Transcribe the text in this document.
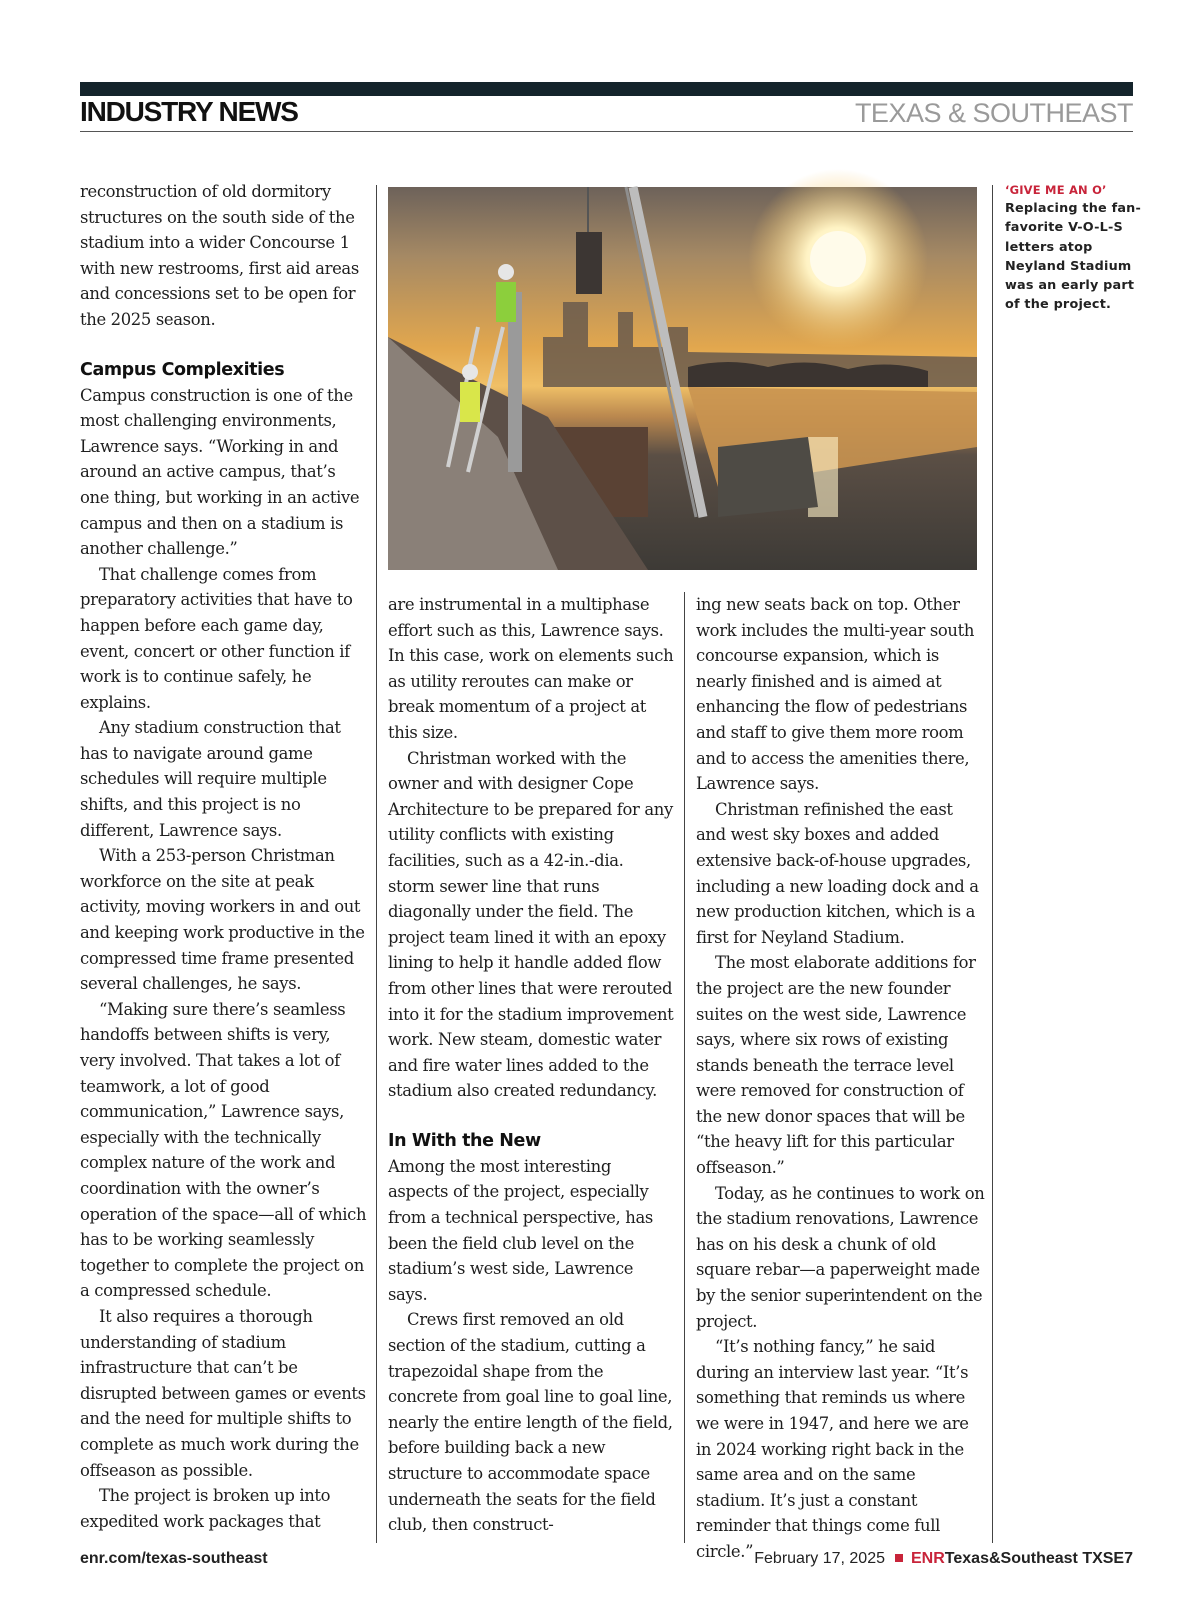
INDUSTRY NEWS	TEXAS & SOUTHEAST

reconstruction of old dormitory structures on the south side of the stadium into a wider Concourse 1 with new restrooms, first aid areas and concessions set to be open for the 2025 season.

Campus Complexities

Campus construction is one of the most challenging environments, Lawrence says. “Working in and around an active campus, that’s one thing, but working in an active campus and then on a stadium is another challenge.”

That challenge comes from preparatory activities that have to happen before each game day, event, concert or other function if work is to continue safely, he explains.

Any stadium construction that has to navigate around game schedules will require multiple shifts, and this project is no different, Lawrence says.

With a 253-person Christman workforce on the site at peak activity, moving workers in and out and keeping work productive in the compressed time frame presented several challenges, he says.

“Making sure there’s seamless handoffs between shifts is very, very involved. That takes a lot of teamwork, a lot of good communication,” Lawrence says, especially with the technically complex nature of the work and coordination with the owner’s operation of the space—all of which has to be working seamlessly together to complete the project on a compressed schedule.

It also requires a thorough understanding of stadium infrastructure that can’t be disrupted between games or events and the need for multiple shifts to complete as much work during the offseason as possible.

The project is broken up into expedited work packages that

‘GIVE ME AN O’
Replacing the fan-favorite V-O-L-S letters atop Neyland Stadium was an early part of the project.

are instrumental in a multiphase effort such as this, Lawrence says. In this case, work on elements such as utility reroutes can make or break momentum of a project at this size.

Christman worked with the owner and with designer Cope Architecture to be prepared for any utility conflicts with existing facilities, such as a 42-in.-dia. storm sewer line that runs diagonally under the field. The project team lined it with an epoxy lining to help it handle added flow from other lines that were rerouted into it for the stadium improvement work. New steam, domestic water and fire water lines added to the stadium also created redundancy.

In With the New

Among the most interesting aspects of the project, especially from a technical perspective, has been the field club level on the stadium’s west side, Lawrence says.

Crews first removed an old section of the stadium, cutting a trapezoidal shape from the concrete from goal line to goal line, nearly the entire length of the field, before building back a new structure to accommodate space underneath the seats for the field club, then construct-

ing new seats back on top. Other work includes the multi-year south concourse expansion, which is nearly finished and is aimed at enhancing the flow of pedestrians and staff to give them more room and to access the amenities there, Lawrence says.

Christman refinished the east and west sky boxes and added extensive back-of-house upgrades, including a new loading dock and a new production kitchen, which is a first for Neyland Stadium.

The most elaborate additions for the project are the new founder suites on the west side, Lawrence says, where six rows of existing stands beneath the terrace level were removed for construction of the new donor spaces that will be “the heavy lift for this particular offseason.”

Today, as he continues to work on the stadium renovations, Lawrence has on his desk a chunk of old square rebar—a paperweight made by the senior superintendent on the project.

“It’s nothing fancy,” he said during an interview last year. “It’s something that reminds us where we were in 1947, and here we are in 2024 working right back in the same area and on the same stadium. It’s just a constant reminder that things come full circle.”

enr.com/texas-southeast	February 17, 2025 ENRTexas&Southeast TXSE7
